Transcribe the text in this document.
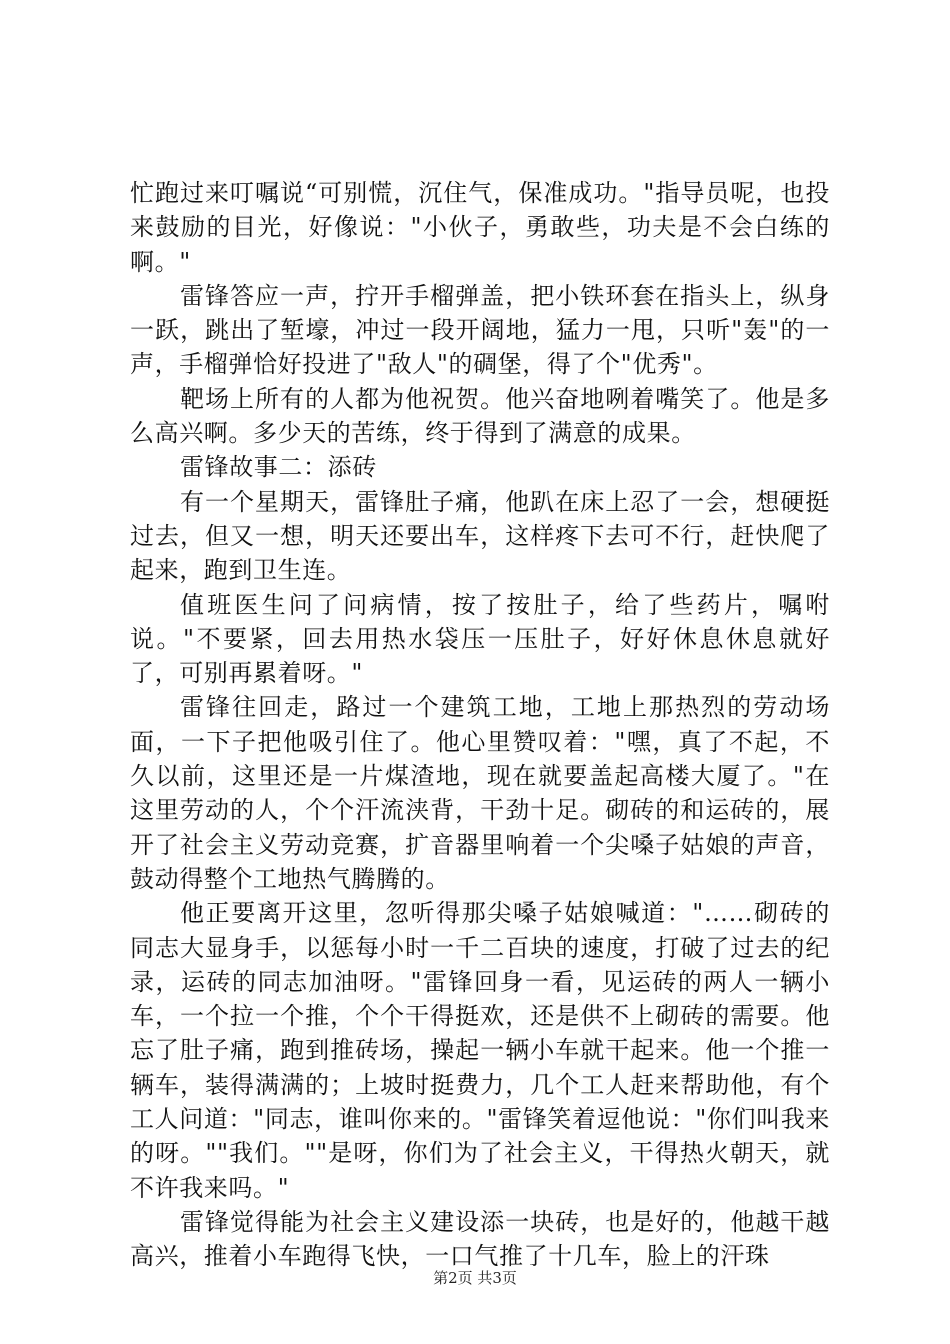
忙跑过来叮嘱说“可别慌，沉住气，保准成功。"指导员呢，也投来鼓励的目光，好像说："小伙子，勇敢些，功夫是不会白练的啊。"

雷锋答应一声，拧开手榴弹盖，把小铁环套在指头上，纵身一跃，跳出了堑壕，冲过一段开阔地，猛力一甩，只听"轰"的一声，手榴弹恰好投进了"敌人"的碉堡，得了个"优秀"。

靶场上所有的人都为他祝贺。他兴奋地咧着嘴笑了。他是多么高兴啊。多少天的苦练，终于得到了满意的成果。

雷锋故事二：添砖

有一个星期天，雷锋肚子痛，他趴在床上忍了一会，想硬挺过去，但又一想，明天还要出车，这样疼下去可不行，赶快爬了起来，跑到卫生连。

值班医生问了问病情，按了按肚子，给了些药片，嘱咐说。"不要紧，回去用热水袋压一压肚子，好好休息休息就好了，可别再累着呀。"

雷锋往回走，路过一个建筑工地，工地上那热烈的劳动场面，一下子把他吸引住了。他心里赞叹着："嘿，真了不起，不久以前，这里还是一片煤渣地，现在就要盖起高楼大厦了。"在这里劳动的人，个个汗流浃背，干劲十足。砌砖的和运砖的，展开了社会主义劳动竞赛，扩音器里响着一个尖嗓子姑娘的声音，鼓动得整个工地热气腾腾的。

他正要离开这里，忽听得那尖嗓子姑娘喊道："……砌砖的同志大显身手，以惩每小时一千二百块的速度，打破了过去的纪录，运砖的同志加油呀。"雷锋回身一看，见运砖的两人一辆小车，一个拉一个推，个个干得挺欢，还是供不上砌砖的需要。他忘了肚子痛，跑到推砖场，操起一辆小车就干起来。他一个推一辆车，装得满满的；上坡时挺费力，几个工人赶来帮助他，有个工人问道："同志，谁叫你来的。"雷锋笑着逗他说："你们叫我来的呀。""我们。""是呀，你们为了社会主义，干得热火朝天，就不许我来吗。"

雷锋觉得能为社会主义建设添一块砖，也是好的，他越干越高兴，推着小车跑得飞快，一口气推了十几车，脸上的汗珠

第2页 共3页
